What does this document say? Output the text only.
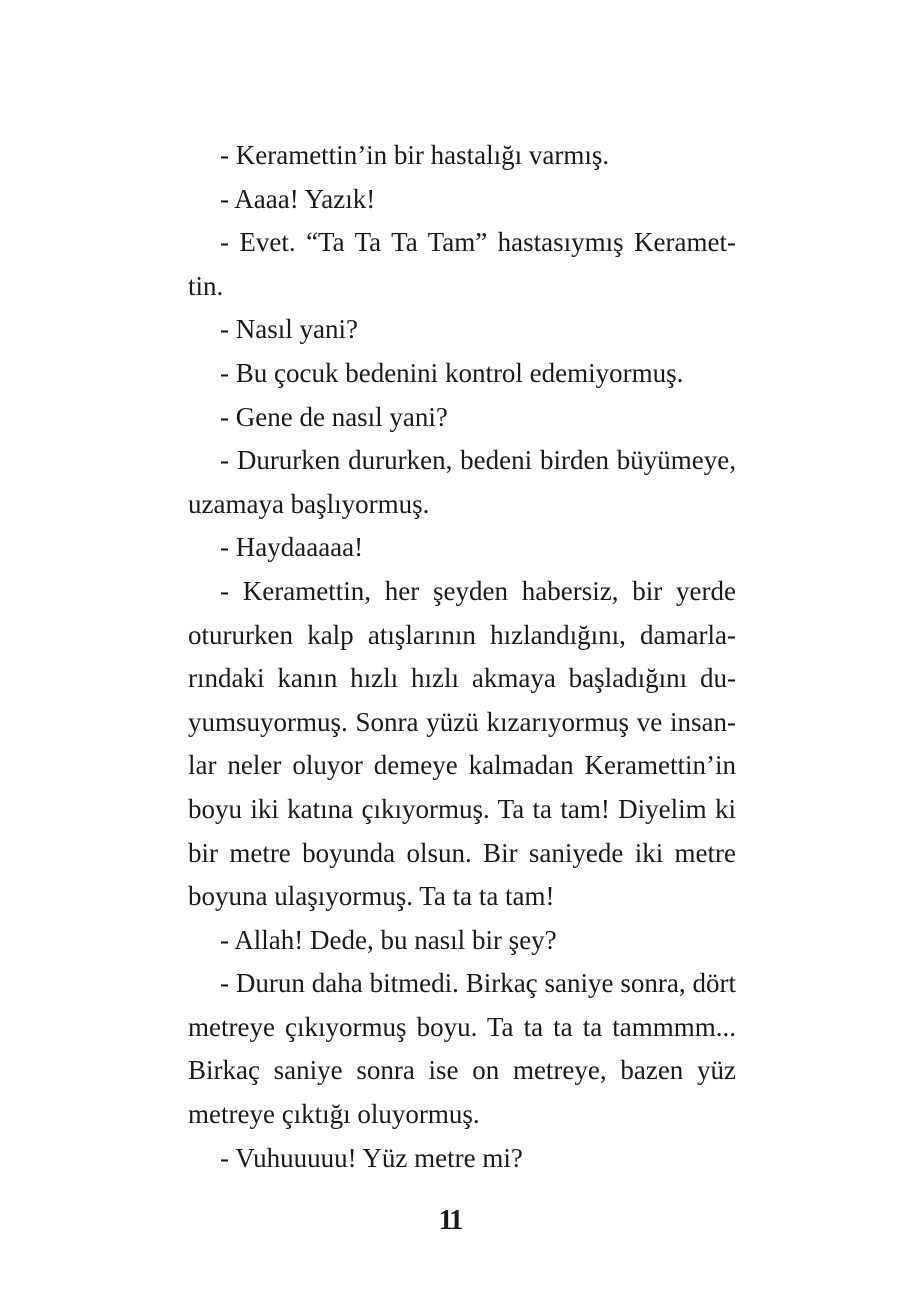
- Keramettin’in bir hastalığı varmış.

- Aaaa! Yazık!

- Evet. “Ta Ta Ta Tam” hastasıymış Keramettin.

- Nasıl yani?

- Bu çocuk bedenini kontrol edemiyormuş.

- Gene de nasıl yani?

- Dururken dururken, bedeni birden büyümeye, uzamaya başlıyormuş.

- Haydaaaaa!

- Keramettin, her şeyden habersiz, bir yerde otururken kalp atışlarının hızlandığını, damarlarındaki kanın hızlı hızlı akmaya başladığını duyumsuyormuş. Sonra yüzü kızarıyormuş ve insanlar neler oluyor demeye kalmadan Keramettin’in boyu iki katına çıkıyormuş. Ta ta tam! Diyelim ki bir metre boyunda olsun. Bir saniyede iki metre boyuna ulaşıyormuş. Ta ta ta tam!

- Allah! Dede, bu nasıl bir şey?

- Durun daha bitmedi. Birkaç saniye sonra, dört metreye çıkıyormuş boyu. Ta ta ta ta tammmm... Birkaç saniye sonra ise on metreye, bazen yüz metreye çıktığı oluyormuş.

- Vuhuuuuu! Yüz metre mi?

11
